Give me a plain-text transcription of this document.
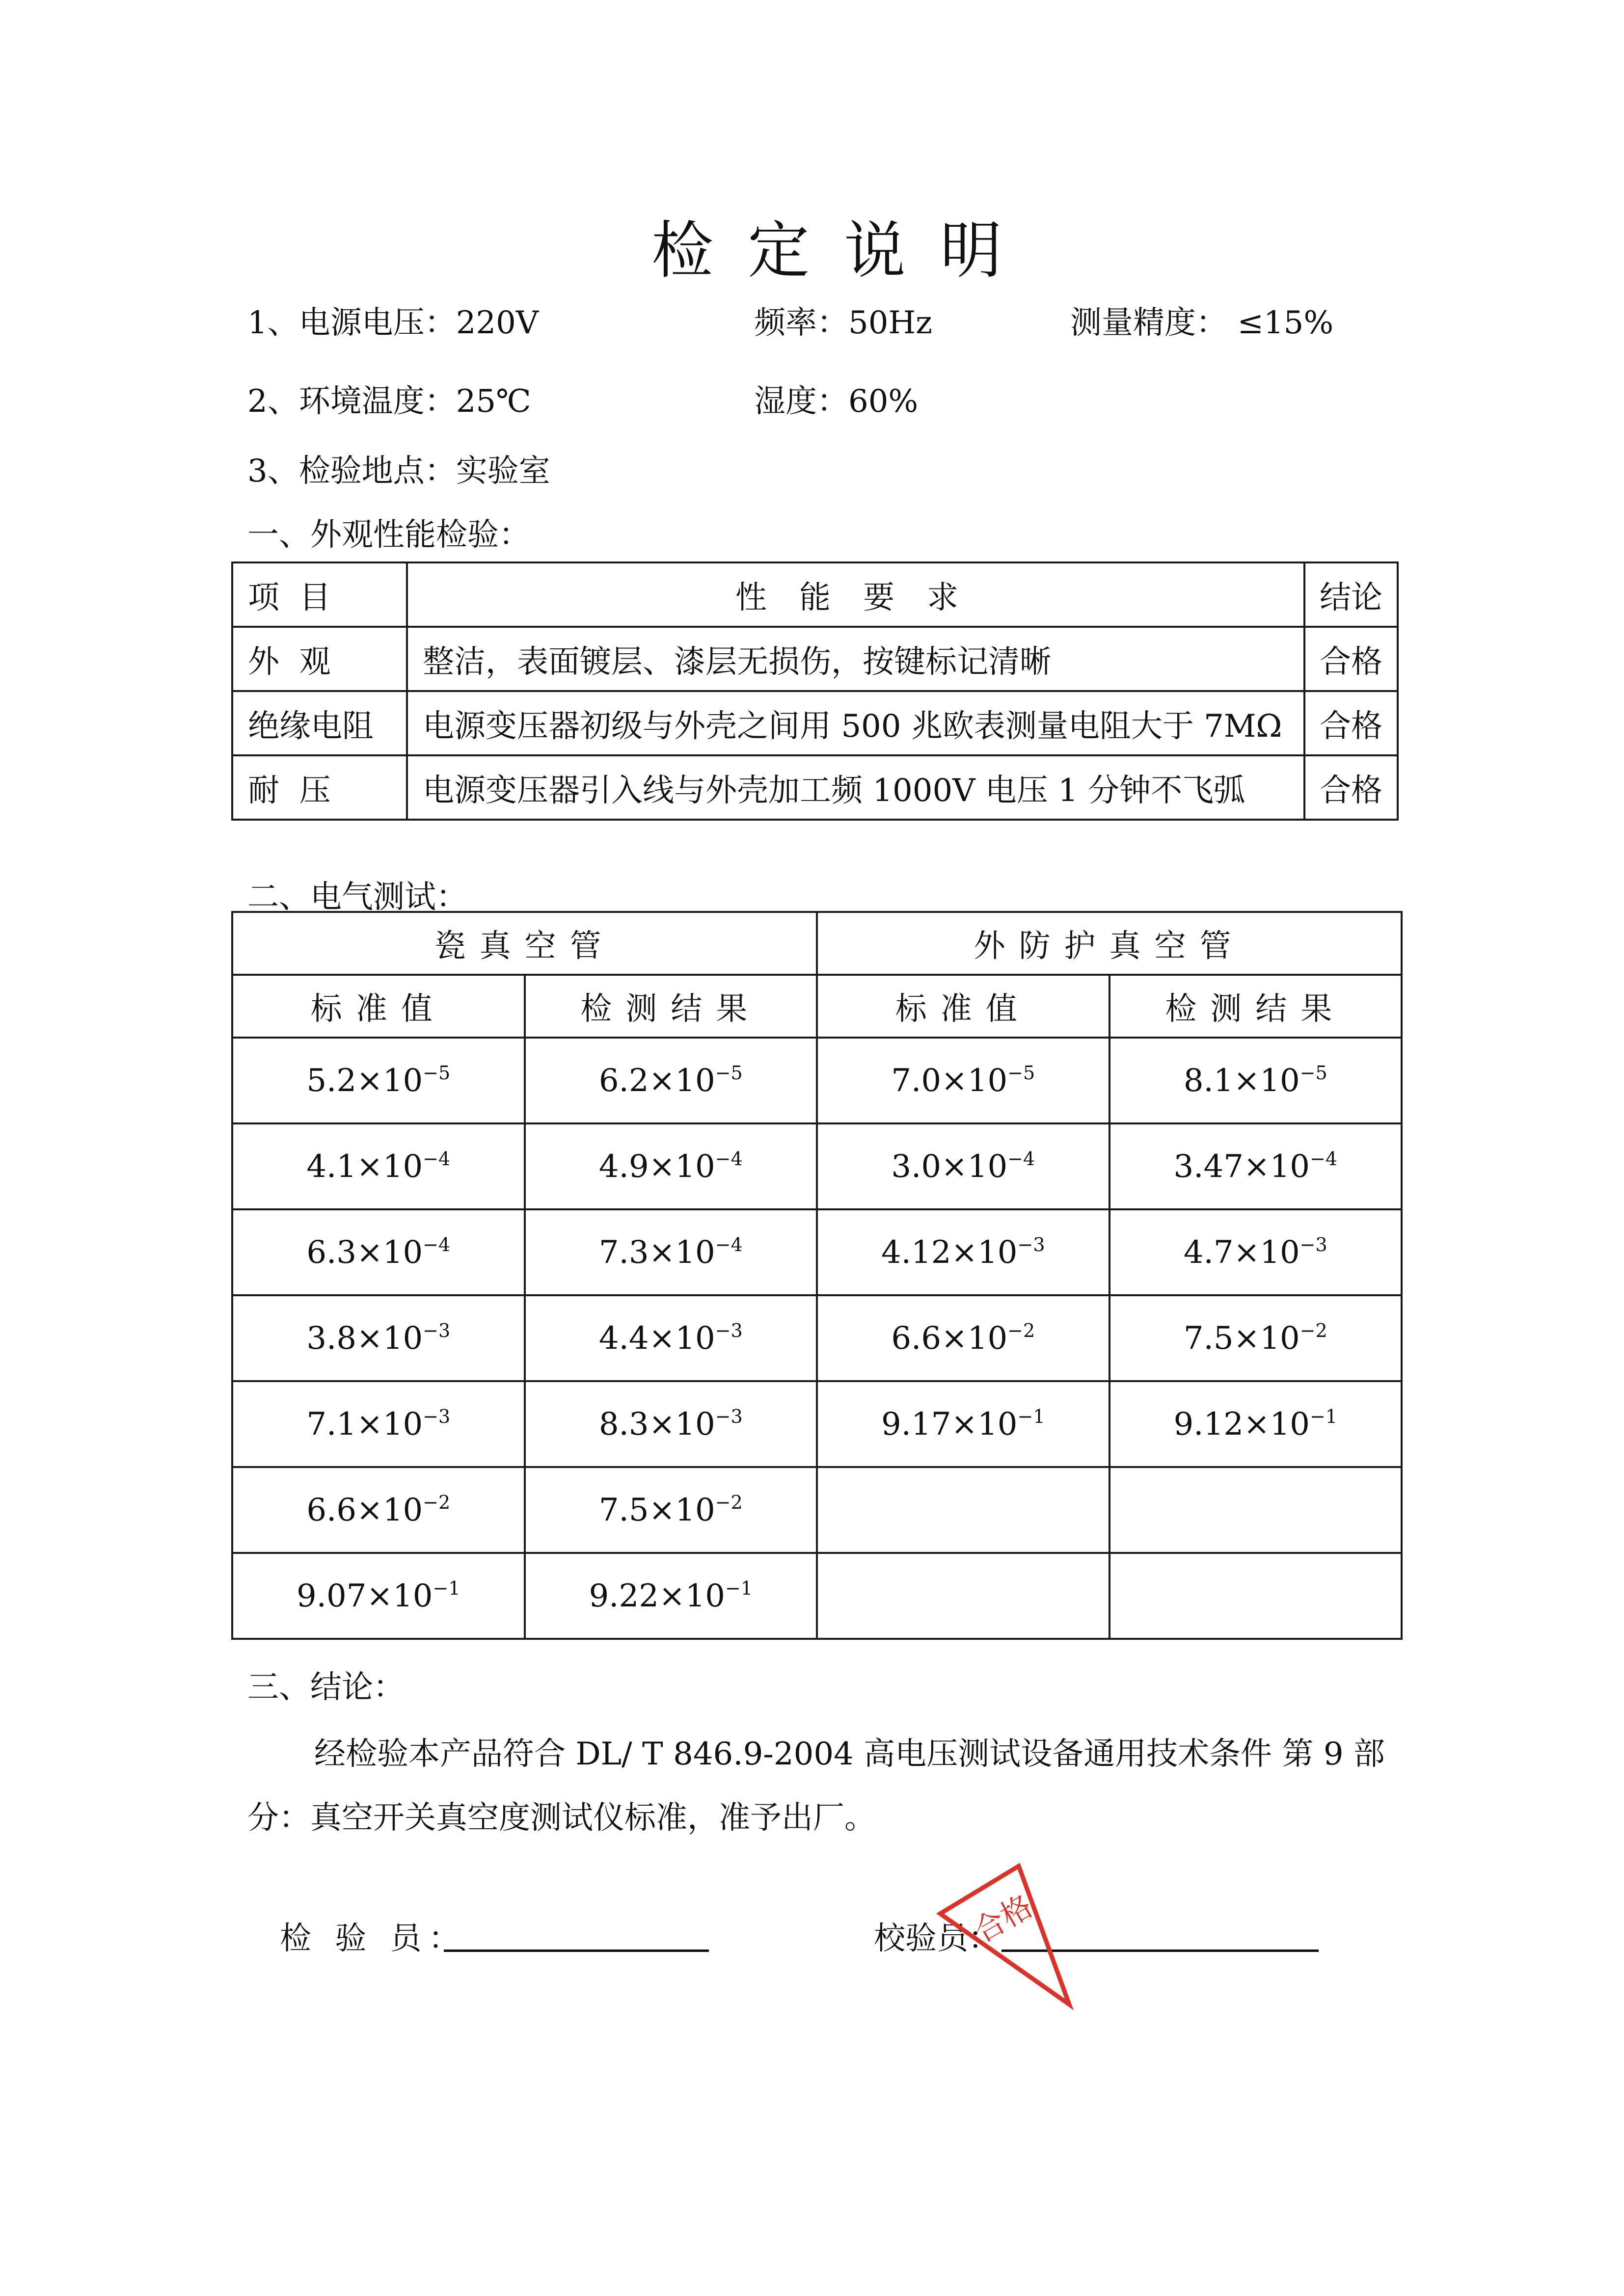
检定说明
1、电源电压：220V	频率：50Hz	测量精度： ≤15%
2、环境温度：25℃	湿度：60%
3、检验地点：实验室
一、外观性能检验：
项  目	性能要求	结论
外  观	整洁，表面镀层、漆层无损伤，按键标记清晰	合格
绝缘电阻	电源变压器初级与外壳之间用 500 兆欧表测量电阻大于 7MΩ	合格
耐  压	电源变压器引入线与外壳加工频 1000V 电压 1 分钟不飞弧	合格
二、电气测试：
瓷真空管		外防护真空管	
标准值	检测结果	标准值	检测结果
$5.2\times 10^{-5}$	$6.2\times 10^{-5}$	$7.0\times 10^{-5}$	$8.1\times 10^{-5}$
$4.1\times 10^{-4}$	$4.9\times 10^{-4}$	$3.0\times 10^{-4}$	$3.47\times 10^{-4}$
$6.3\times 10^{-4}$	$7.3\times 10^{-4}$	$4.12\times 10^{-3}$	$4.7\times 10^{-3}$
$3.8\times 10^{-3}$	$4.4\times 10^{-3}$	$6.6\times 10^{-2}$	$7.5\times 10^{-2}$
$7.1\times 10^{-3}$	$8.3\times 10^{-3}$	$9.17\times 10^{-1}$	$9.12\times 10^{-1}$
$6.6\times 10^{-2}$	$7.5\times 10^{-2}$		
$9.07\times 10^{-1}$	$9.22\times 10^{-1}$		
三、结论：
经检验本产品符合 DL/ T 846.9-2004 高电压测试设备通用技术条件 第 9 部
分：真空开关真空度测试仪标准，准予出厂。
检 验 员：	校验员：
合格
